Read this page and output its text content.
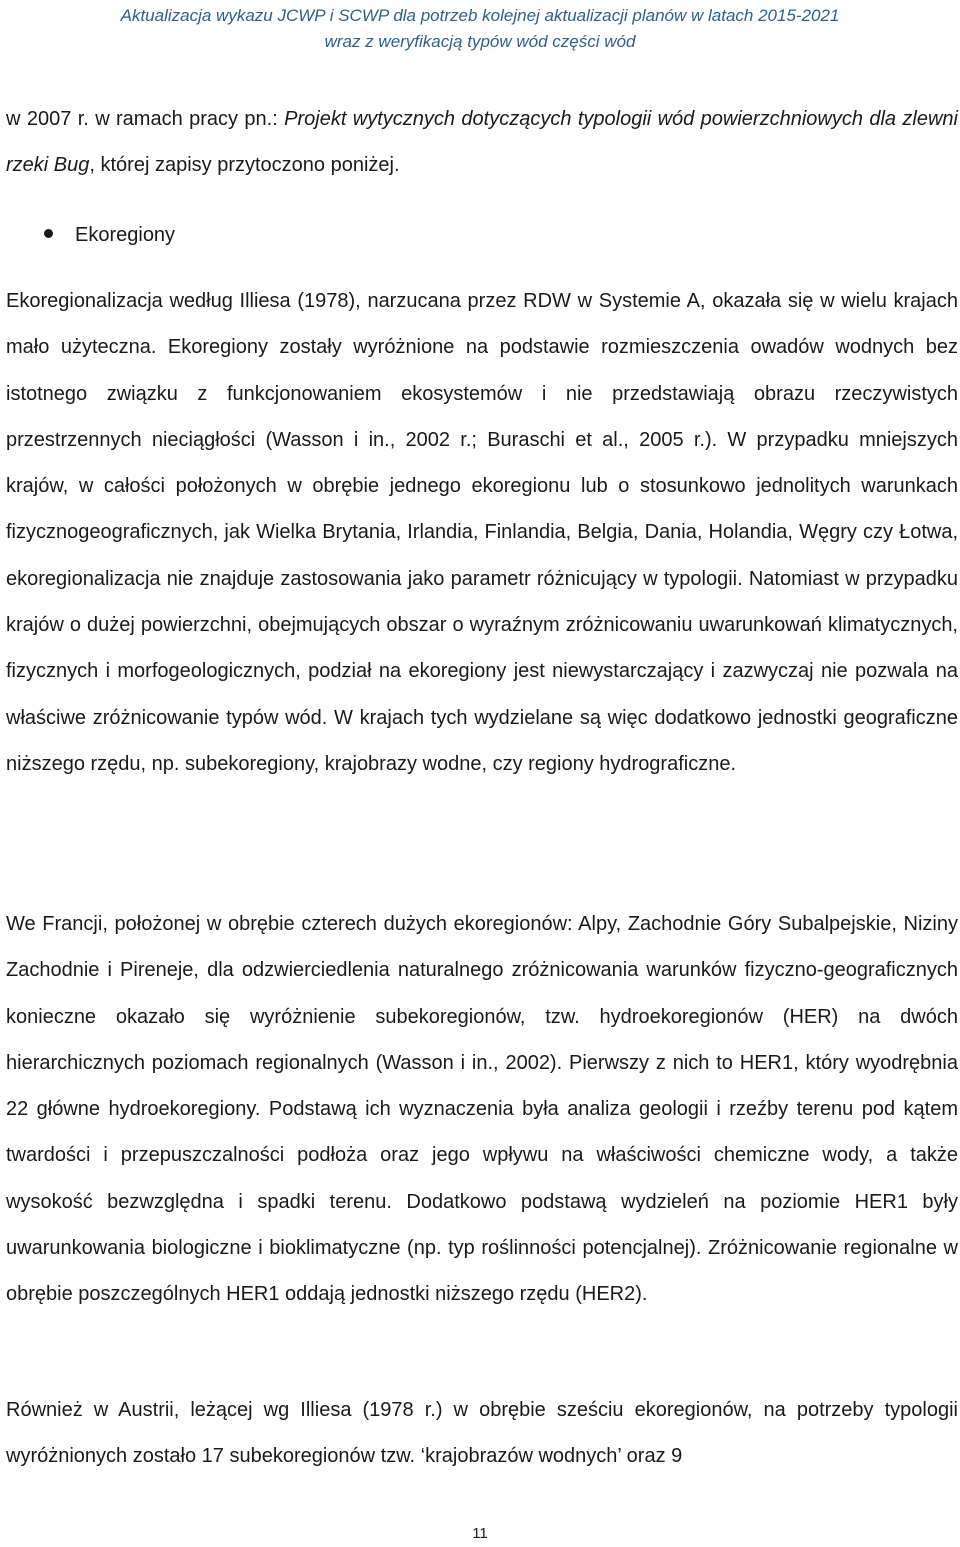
Aktualizacja wykazu JCWP i SCWP dla potrzeb kolejnej aktualizacji planów w latach 2015-2021
wraz z weryfikacją typów wód części wód

w 2007 r. w ramach pracy pn.: Projekt wytycznych dotyczących typologii wód powierzchniowych dla zlewni rzeki Bug, której zapisy przytoczono poniżej.

Ekoregiony

Ekoregionalizacja według Illiesa (1978), narzucana przez RDW w Systemie A, okazała się w wielu krajach mało użyteczna. Ekoregiony zostały wyróżnione na podstawie rozmieszczenia owadów wodnych bez istotnego związku z funkcjonowaniem ekosystemów i nie przedstawiają obrazu rzeczywistych przestrzennych nieciągłości (Wasson i in., 2002 r.; Buraschi et al., 2005 r.). W przypadku mniejszych krajów, w całości położonych w obrębie jednego ekoregionu lub o stosunkowo jednolitych warunkach fizycznogeograficznych, jak Wielka Brytania, Irlandia, Finlandia, Belgia, Dania, Holandia, Węgry czy Łotwa, ekoregionalizacja nie znajduje zastosowania jako parametr różnicujący w typologii. Natomiast w przypadku krajów o dużej powierzchni, obejmujących obszar o wyraźnym zróżnicowaniu uwarunkowań klimatycznych, fizycznych i morfogeologicznych, podział na ekoregiony jest niewystarczający i zazwyczaj nie pozwala na właściwe zróżnicowanie typów wód. W krajach tych wydzielane są więc dodatkowo jednostki geograficzne niższego rzędu, np. subekoregiony, krajobrazy wodne, czy regiony hydrograficzne.

We Francji, położonej w obrębie czterech dużych ekoregionów: Alpy, Zachodnie Góry Subalpejskie, Niziny Zachodnie i Pireneje, dla odzwierciedlenia naturalnego zróżnicowania warunków fizyczno-geograficznych konieczne okazało się wyróżnienie subekoregionów, tzw. hydroekoregionów (HER) na dwóch hierarchicznych poziomach regionalnych (Wasson i in., 2002). Pierwszy z nich to HER1, który wyodrębnia 22 główne hydroekoregiony. Podstawą ich wyznaczenia była analiza geologii i rzeźby terenu pod kątem twardości i przepuszczalności podłoża oraz jego wpływu na właściwości chemiczne wody, a także wysokość bezwzględna i spadki terenu. Dodatkowo podstawą wydzieleń na poziomie HER1 były uwarunkowania biologiczne i bioklimatyczne (np. typ roślinności potencjalnej). Zróżnicowanie regionalne w obrębie poszczególnych HER1 oddają jednostki niższego rzędu (HER2).

Również w Austrii, leżącej wg Illiesa (1978 r.) w obrębie sześciu ekoregionów, na potrzeby typologii wyróżnionych zostało 17 subekoregionów tzw. ‘krajobrazów wodnych’ oraz 9

11
